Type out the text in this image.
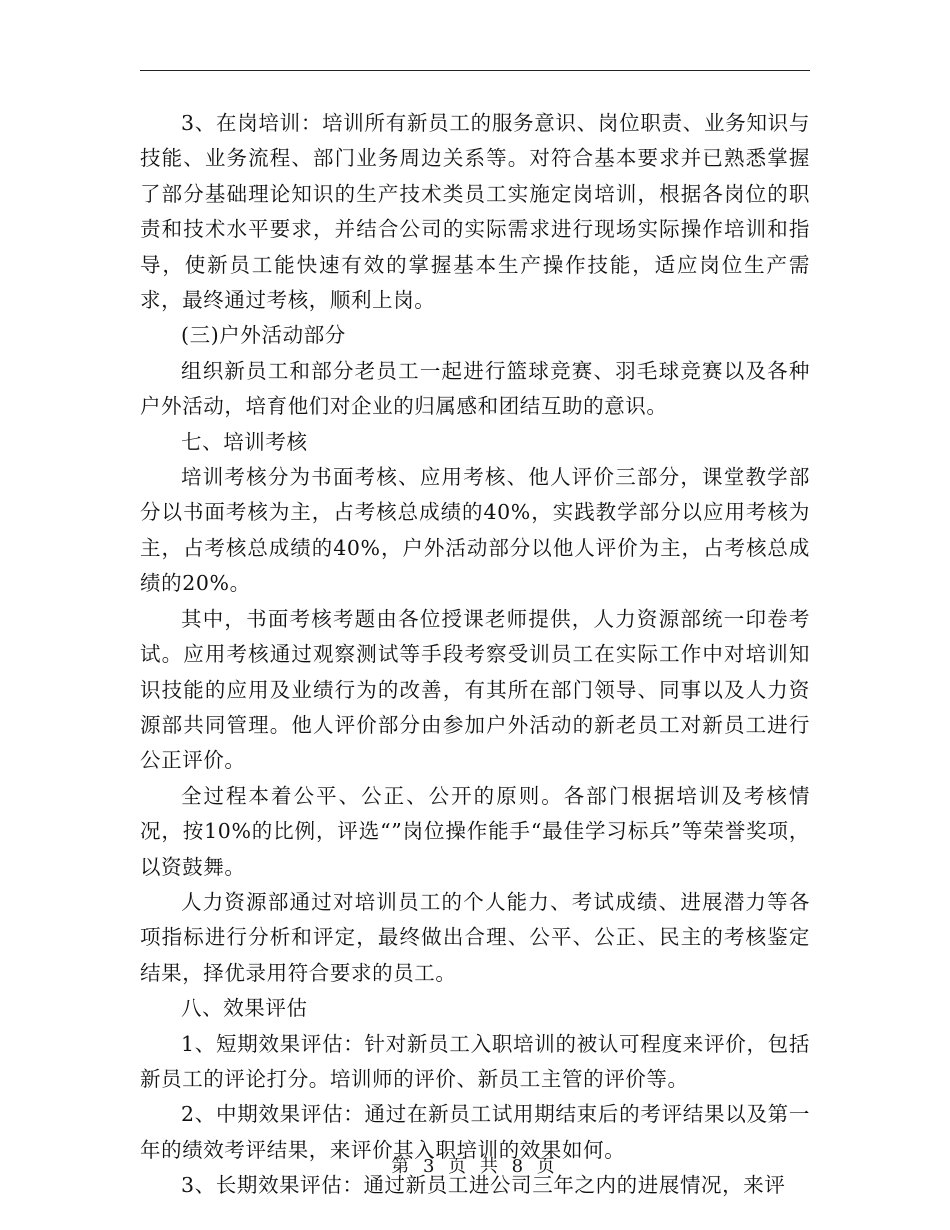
3、在岗培训：培训所有新员工的服务意识、岗位职责、业务知识与技能、业务流程、部门业务周边关系等。对符合基本要求并已熟悉掌握了部分基础理论知识的生产技术类员工实施定岗培训，根据各岗位的职责和技术水平要求，并结合公司的实际需求进行现场实际操作培训和指导，使新员工能快速有效的掌握基本生产操作技能，适应岗位生产需求，最终通过考核，顺利上岗。

(三)户外活动部分

组织新员工和部分老员工一起进行篮球竞赛、羽毛球竞赛以及各种户外活动，培育他们对企业的归属感和团结互助的意识。

七、培训考核

培训考核分为书面考核、应用考核、他人评价三部分，课堂教学部分以书面考核为主，占考核总成绩的40%，实践教学部分以应用考核为主，占考核总成绩的40%，户外活动部分以他人评价为主，占考核总成绩的20%。

其中，书面考核考题由各位授课老师提供，人力资源部统一印卷考试。应用考核通过观察测试等手段考察受训员工在实际工作中对培训知识技能的应用及业绩行为的改善，有其所在部门领导、同事以及人力资源部共同管理。他人评价部分由参加户外活动的新老员工对新员工进行公正评价。

全过程本着公平、公正、公开的原则。各部门根据培训及考核情况，按10%的比例，评选“”岗位操作能手“最佳学习标兵”等荣誉奖项，以资鼓舞。

人力资源部通过对培训员工的个人能力、考试成绩、进展潜力等各项指标进行分析和评定，最终做出合理、公平、公正、民主的考核鉴定结果，择优录用符合要求的员工。

八、效果评估

1、短期效果评估：针对新员工入职培训的被认可程度来评价，包括新员工的评论打分。培训师的评价、新员工主管的评价等。

2、中期效果评估：通过在新员工试用期结束后的考评结果以及第一年的绩效考评结果，来评价其入职培训的效果如何。

3、长期效果评估：通过新员工进公司三年之内的进展情况，来评

第 3 页 共 8 页
